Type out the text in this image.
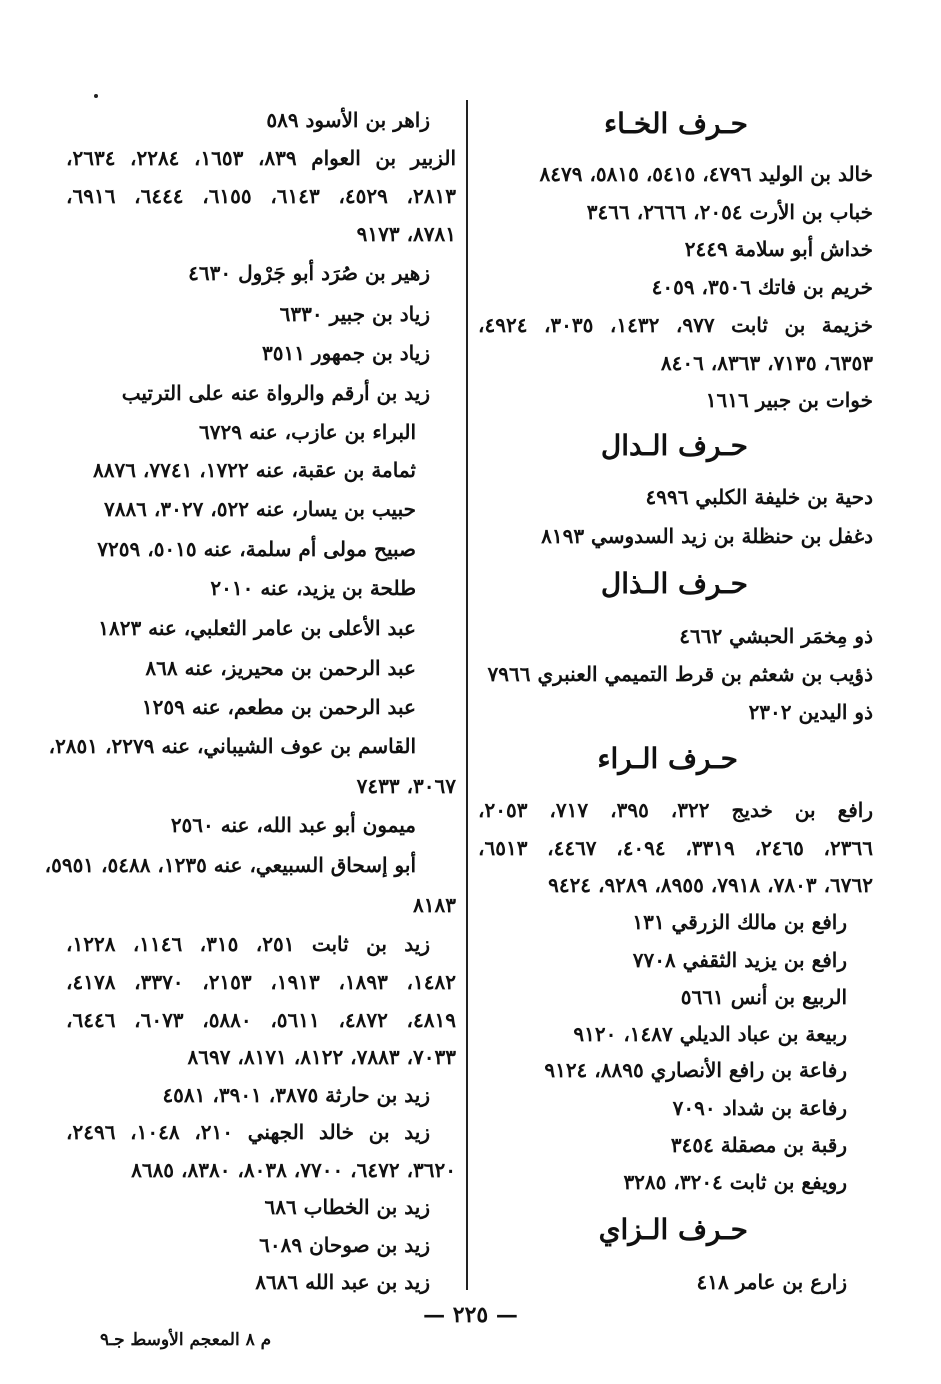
حـرف الخـاء
خالد بن الوليد ٤٧٩٦، ٥٤١٥، ٥٨١٥، ٨٤٧٩
خباب بن الأرت ٢٠٥٤، ٢٦٦٦، ٣٤٦٦
خداش أبو سلامة ٢٤٤٩
خريم بن فاتك ٣٥٠٦، ٤٠٥٩
خزيمة بن ثابت ٩٧٧، ١٤٣٢، ٣٠٣٥، ٤٩٢٤،
٦٣٥٣، ٧١٣٥، ٨٣٦٣، ٨٤٠٦
خوات بن جبير ١٦١٦
حـرف الـدال
دحية بن خليفة الكلبي ٤٩٩٦
دغفل بن حنظلة بن زيد السدوسي ٨١٩٣
حـرف الـذال
ذو مِخمَر الحبشي ٤٦٦٢
ذؤيب بن شعثم بن قرط التميمي العنبري ٧٩٦٦
ذو اليدين ٢٣٠٢
حـرف الـراء
رافع بن خديج ٣٢٢، ٣٩٥، ٧١٧، ٢٠٥٣،
٢٣٦٦، ٢٤٦٥، ٣٣١٩، ٤٠٩٤، ٤٤٦٧، ٦٥١٣،
٦٧٦٢، ٧٨٠٣، ٧٩١٨، ٨٩٥٥، ٩٢٨٩، ٩٤٢٤
رافع بن مالك الزرقي ١٣١
رافع بن يزيد الثقفي ٧٧٠٨
الربيع بن أنس ٥٦٦١
ربيعة بن عباد الديلي ١٤٨٧، ٩١٢٠
رفاعة بن رافع الأنصاري ٨٨٩٥، ٩١٢٤
رفاعة بن شداد ٧٠٩٠
رقبة بن مصقلة ٣٤٥٤
رويفع بن ثابت ٣٢٠٤، ٣٢٨٥
حـرف الـزاي
زارع بن عامر ٤١٨
زاهر بن الأسود ٥٨٩
الزبير بن العوام ٨٣٩، ١٦٥٣، ٢٢٨٤، ٢٦٣٤،
٢٨١٣، ٤٥٢٩، ٦١٤٣، ٦١٥٥، ٦٤٤٤، ٦٩١٦،
٨٧٨١، ٩١٧٣
زهير بن صُرَد أبو جَرْول ٤٦٣٠
زياد بن جبير ٦٣٣٠
زياد بن جمهور ٣٥١١
زيد بن أرقم والرواة عنه على الترتيب
البراء بن عازب، عنه ٦٧٢٩
ثمامة بن عقبة، عنه ١٧٢٢، ٧٧٤١، ٨٨٧٦
حبيب بن يسار، عنه ٥٢٢، ٣٠٢٧، ٧٨٨٦
صبيح مولى أم سلمة، عنه ٥٠١٥، ٧٢٥٩
طلحة بن يزيد، عنه ٢٠١٠
عبد الأعلى بن عامر الثعلبي، عنه ١٨٢٣
عبد الرحمن بن محيريز، عنه ٨٦٨
عبد الرحمن بن مطعم، عنه ١٢٥٩
القاسم بن عوف الشيباني، عنه ٢٢٧٩، ٢٨٥١،
٣٠٦٧، ٧٤٣٣
ميمون أبو عبد الله، عنه ٢٥٦٠
أبو إسحاق السبيعي، عنه ١٢٣٥، ٥٤٨٨، ٥٩٥١،
٨١٨٣
زيد بن ثابت ٢٥١، ٣١٥، ١١٤٦، ١٢٢٨،
١٤٨٢، ١٨٩٣، ١٩١٣، ٢١٥٣، ٣٣٧٠، ٤١٧٨،
٤٨١٩، ٤٨٧٢، ٥٦١١، ٥٨٨٠، ٦٠٧٣، ٦٤٤٦،
٧٠٣٣، ٧٨٨٣، ٨١٢٢، ٨١٧١، ٨٦٩٧
زيد بن حارثة ٣٨٧٥، ٣٩٠١، ٤٥٨١
زيد بن خالد الجهني ٢١٠، ١٠٤٨، ٢٤٩٦،
٣٦٢٠، ٦٤٧٢، ٧٧٠٠، ٨٠٣٨، ٨٣٨٠، ٨٦٨٥
زيد بن الخطاب ٦٨٦
زيد بن صوحان ٦٠٨٩
زيد بن عبد الله ٨٦٨٦
— ٢٢٥ —
م ٨ المعجم الأوسط جـ٩
